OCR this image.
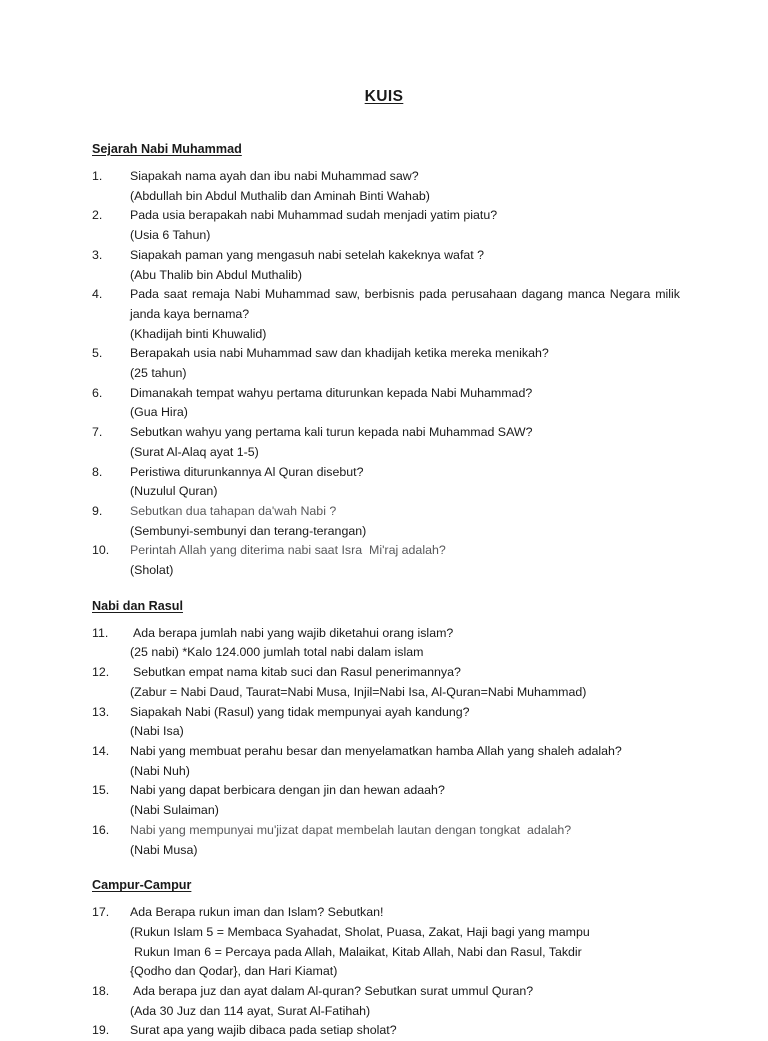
KUIS
Sejarah Nabi Muhammad
1. Siapakah nama ayah dan ibu nabi Muhammad saw?

(Abdullah bin Abdul Muthalib dan Aminah Binti Wahab)

2. Pada usia berapakah nabi Muhammad sudah menjadi yatim piatu?

(Usia 6 Tahun)

3. Siapakah paman yang mengasuh nabi setelah kakeknya wafat ?

(Abu Thalib bin Abdul Muthalib)

4. Pada saat remaja Nabi Muhammad saw, berbisnis pada perusahaan dagang manca Negara milik janda kaya bernama?

(Khadijah binti Khuwalid)

5. Berapakah usia nabi Muhammad saw dan khadijah ketika mereka menikah?

(25 tahun)

6. Dimanakah tempat wahyu pertama diturunkan kepada Nabi Muhammad?

(Gua Hira)

7. Sebutkan wahyu yang pertama kali turun kepada nabi Muhammad SAW?

(Surat Al-Alaq ayat 1-5)

8. Peristiwa diturunkannya Al Quran disebut?

(Nuzulul Quran)

9. Sebutkan dua tahapan da'wah Nabi ?

(Sembunyi-sembunyi dan terang-terangan)

10. Perintah Allah yang diterima nabi saat Isra  Mi'raj adalah?

(Sholat)

Nabi dan Rasul
11. Ada berapa jumlah nabi yang wajib diketahui orang islam?

(25 nabi) *Kalo 124.000 jumlah total nabi dalam islam

12. Sebutkan empat nama kitab suci dan Rasul penerimannya?

(Zabur = Nabi Daud, Taurat=Nabi Musa, Injil=Nabi Isa, Al-Quran=Nabi Muhammad)

13. Siapakah Nabi (Rasul) yang tidak mempunyai ayah kandung?

(Nabi Isa)

14. Nabi yang membuat perahu besar dan menyelamatkan hamba Allah yang shaleh adalah?

(Nabi Nuh)

15. Nabi yang dapat berbicara dengan jin dan hewan adaah?

(Nabi Sulaiman)

16. Nabi yang mempunyai mu'jizat dapat membelah lautan dengan tongkat  adalah?

(Nabi Musa)

Campur-Campur
17. Ada Berapa rukun iman dan Islam? Sebutkan!

(Rukun Islam 5 = Membaca Syahadat, Sholat, Puasa, Zakat, Haji bagi yang mampu

Rukun Iman 6 = Percaya pada Allah, Malaikat, Kitab Allah, Nabi dan Rasul, Takdir

{Qodho dan Qodar}, dan Hari Kiamat)

18. Ada berapa juz dan ayat dalam Al-quran? Sebutkan surat ummul Quran?

(Ada 30 Juz dan 114 ayat, Surat Al-Fatihah)

19. Surat apa yang wajib dibaca pada setiap sholat?
